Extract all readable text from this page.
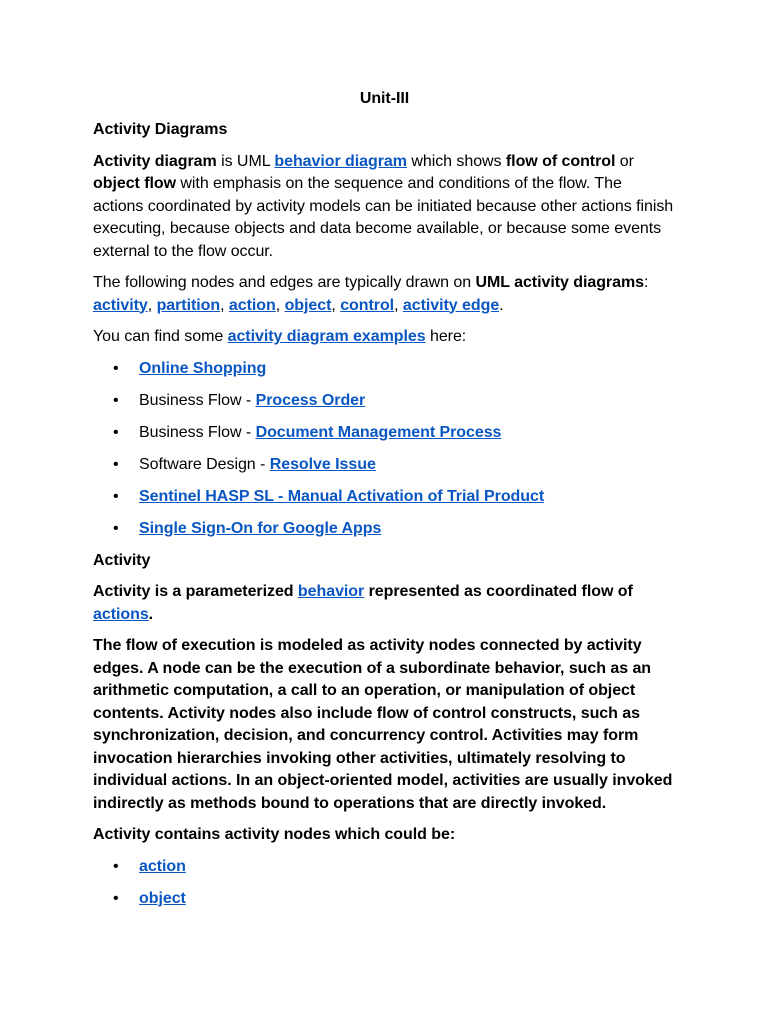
Unit-III

Activity Diagrams

Activity diagram is UML behavior diagram which shows flow of control or object flow with emphasis on the sequence and conditions of the flow. The actions coordinated by activity models can be initiated because other actions finish executing, because objects and data become available, or because some events external to the flow occur.

The following nodes and edges are typically drawn on UML activity diagrams: activity, partition, action, object, control, activity edge.

You can find some activity diagram examples here:

• Online Shopping
• Business Flow - Process Order
• Business Flow - Document Management Process
• Software Design - Resolve Issue
• Sentinel HASP SL - Manual Activation of Trial Product
• Single Sign-On for Google Apps

Activity

Activity is a parameterized behavior represented as coordinated flow of actions.

The flow of execution is modeled as activity nodes connected by activity edges. A node can be the execution of a subordinate behavior, such as an arithmetic computation, a call to an operation, or manipulation of object contents. Activity nodes also include flow of control constructs, such as synchronization, decision, and concurrency control. Activities may form invocation hierarchies invoking other activities, ultimately resolving to individual actions. In an object-oriented model, activities are usually invoked indirectly as methods bound to operations that are directly invoked.

Activity contains activity nodes which could be:

• action
• object
